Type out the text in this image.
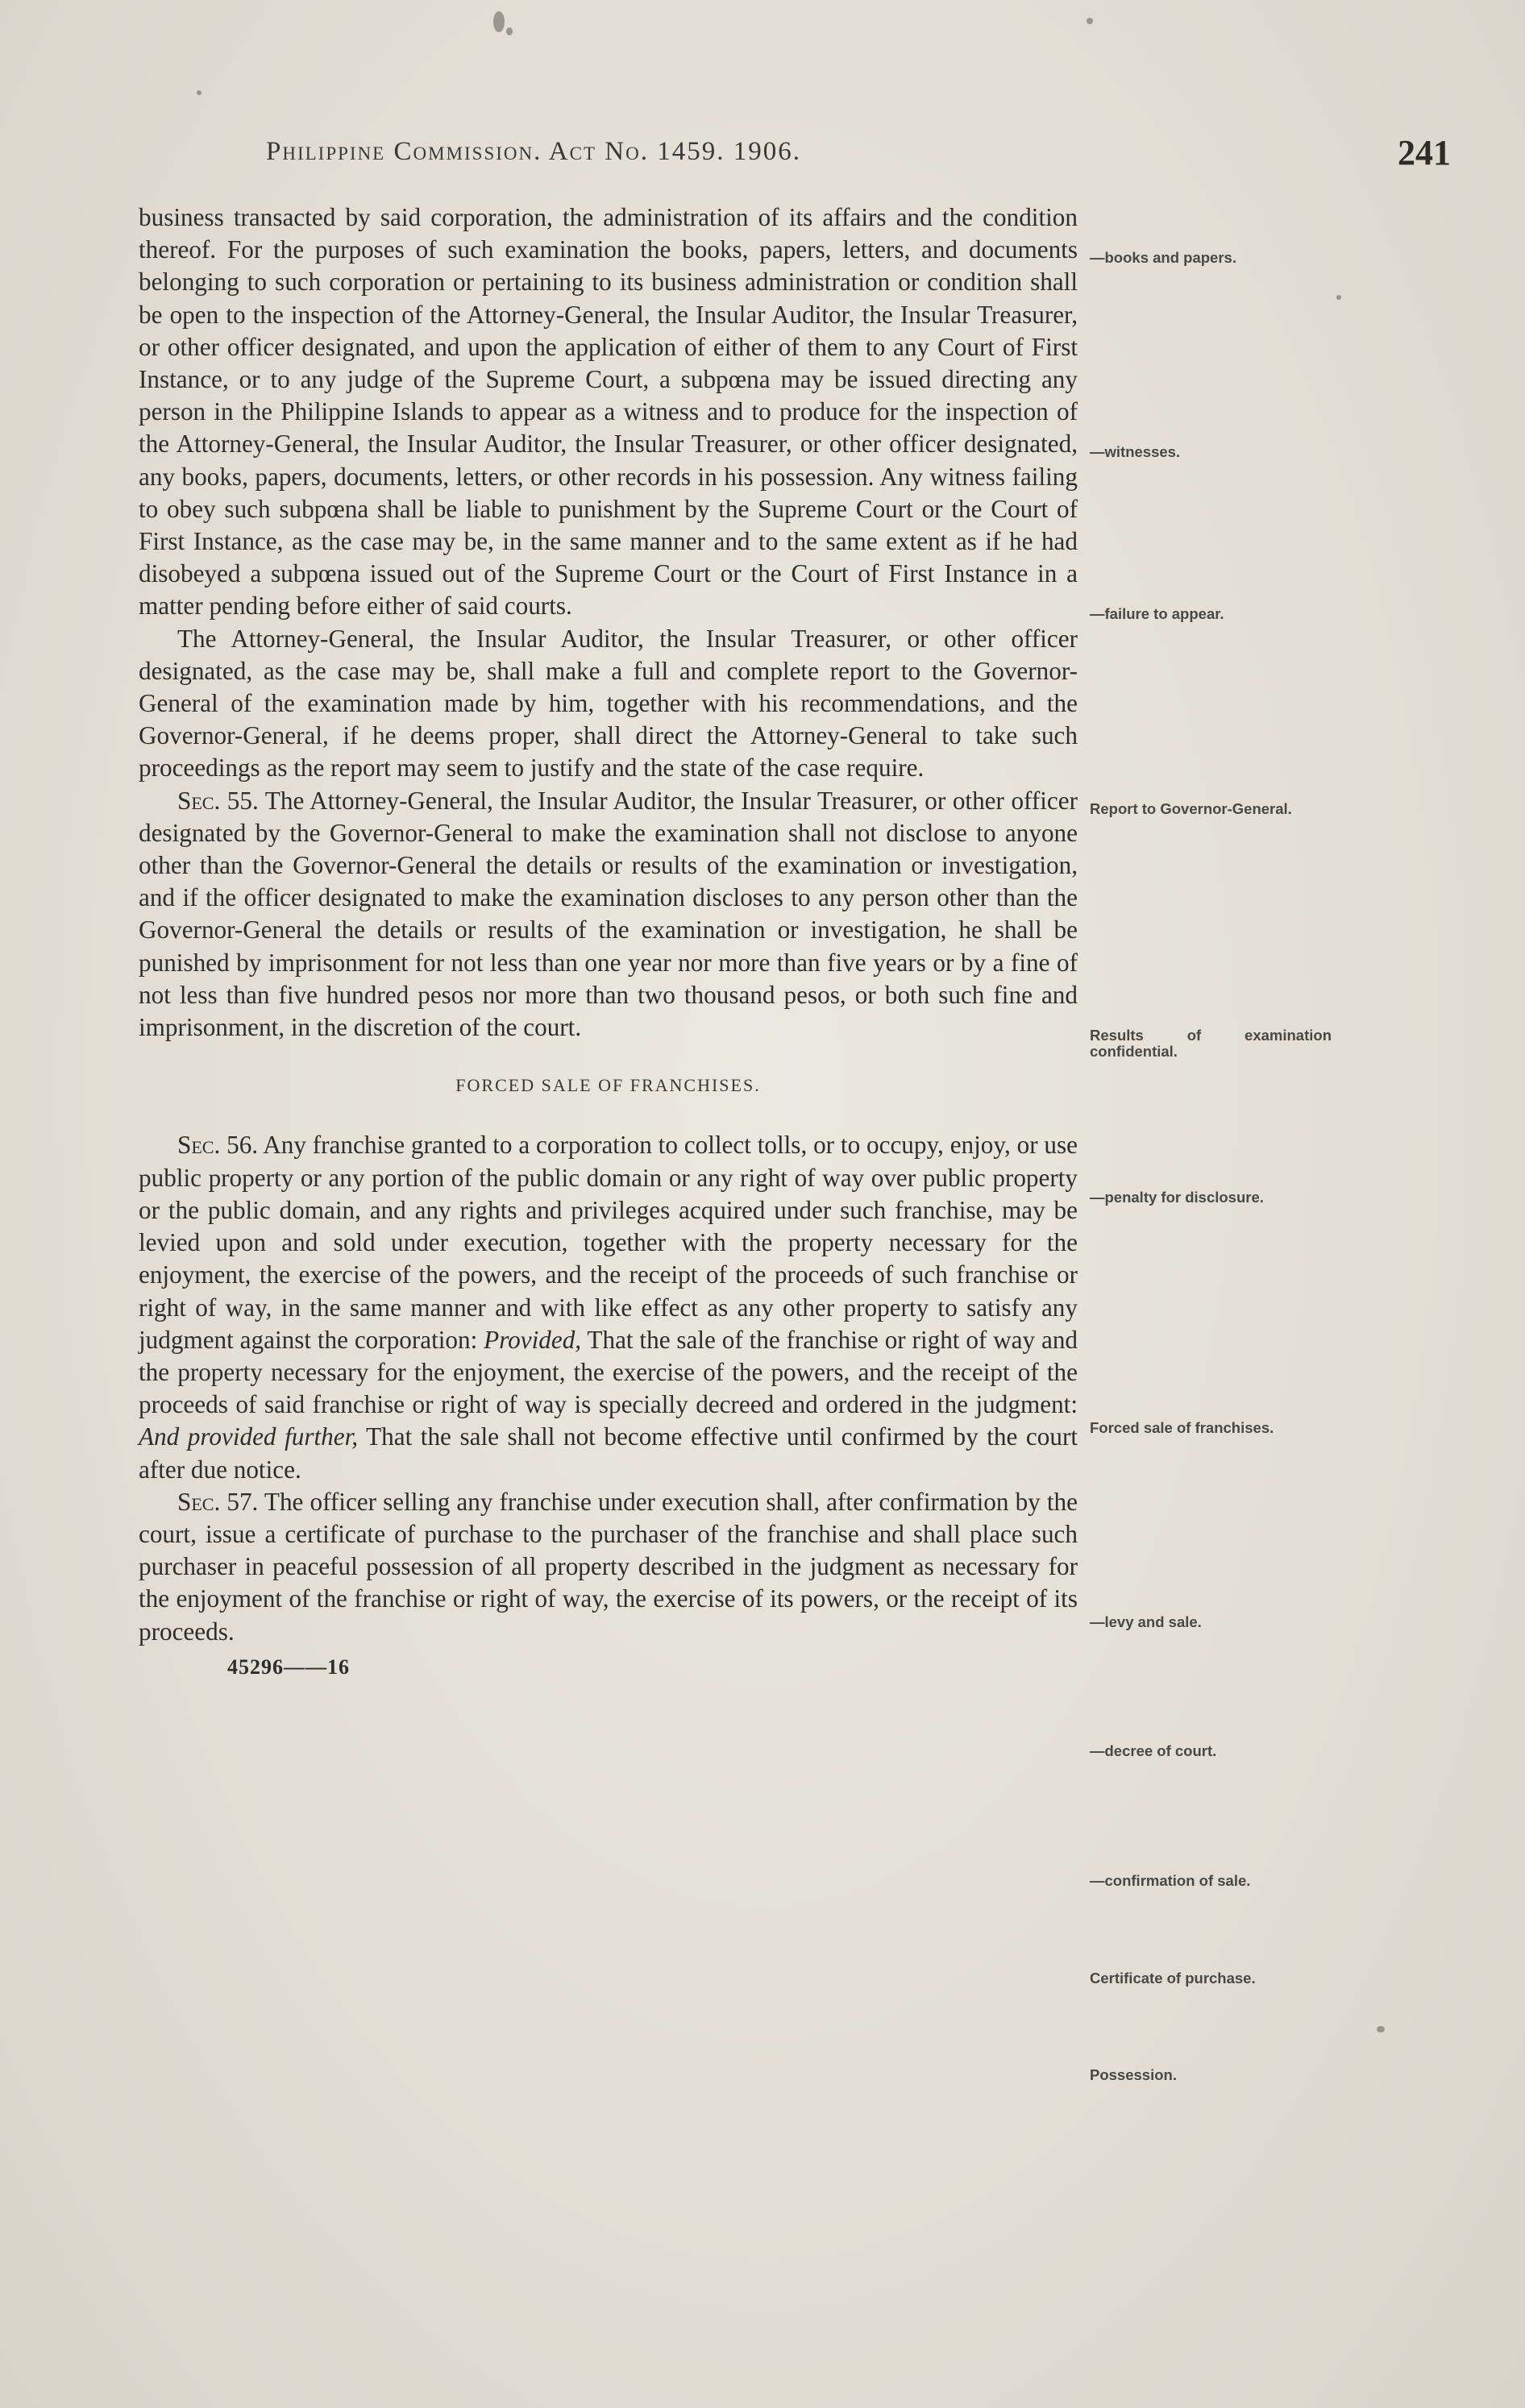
Philippine Commission. Act No. 1459. 1906.	241

business transacted by said corporation, the administration of its affairs and the condition thereof. For the purposes of such examination the books, papers, letters, and documents belonging to such corporation or pertaining to its business administration or condition shall be open to the inspection of the Attorney-General, the Insular Auditor, the Insular Treasurer, or other officer designated, and upon the application of either of them to any Court of First Instance, or to any judge of the Supreme Court, a subpœna may be issued directing any person in the Philippine Islands to appear as a witness and to produce for the inspection of the Attorney-General, the Insular Auditor, the Insular Treasurer, or other officer designated, any books, papers, documents, letters, or other records in his possession. Any witness failing to obey such subpœna shall be liable to punishment by the Supreme Court or the Court of First Instance, as the case may be, in the same manner and to the same extent as if he had disobeyed a subpœna issued out of the Supreme Court or the Court of First Instance in a matter pending before either of said courts.

The Attorney-General, the Insular Auditor, the Insular Treasurer, or other officer designated, as the case may be, shall make a full and complete report to the Governor-General of the examination made by him, together with his recommendations, and the Governor-General, if he deems proper, shall direct the Attorney-General to take such proceedings as the report may seem to justify and the state of the case require.

Sec. 55. The Attorney-General, the Insular Auditor, the Insular Treasurer, or other officer designated by the Governor-General to make the examination shall not disclose to anyone other than the Governor-General the details or results of the examination or investigation, and if the officer designated to make the examination discloses to any person other than the Governor-General the details or results of the examination or investigation, he shall be punished by imprisonment for not less than one year nor more than five years or by a fine of not less than five hundred pesos nor more than two thousand pesos, or both such fine and imprisonment, in the discretion of the court.

FORCED SALE OF FRANCHISES.

Sec. 56. Any franchise granted to a corporation to collect tolls, or to occupy, enjoy, or use public property or any portion of the public domain or any right of way over public property or the public domain, and any rights and privileges acquired under such franchise, may be levied upon and sold under execution, together with the property necessary for the enjoyment, the exercise of the powers, and the receipt of the proceeds of such franchise or right of way, in the same manner and with like effect as any other property to satisfy any judgment against the corporation: Provided, That the sale of the franchise or right of way and the property necessary for the enjoyment, the exercise of the powers, and the receipt of the proceeds of said franchise or right of way is specially decreed and ordered in the judgment: And provided further, That the sale shall not become effective until confirmed by the court after due notice.

Sec. 57. The officer selling any franchise under execution shall, after confirmation by the court, issue a certificate of purchase to the purchaser of the franchise and shall place such purchaser in peaceful possession of all property described in the judgment as necessary for the enjoyment of the franchise or right of way, the exercise of its powers, or the receipt of its proceeds.

45296——16

—books and papers.
—witnesses.
—failure to appear.
Report to Governor-General.
Results of examination confidential.
—penalty for disclosure.
Forced sale of franchises.
—levy and sale.
—decree of court.
—confirmation of sale.
Certificate of purchase.
Possession.
